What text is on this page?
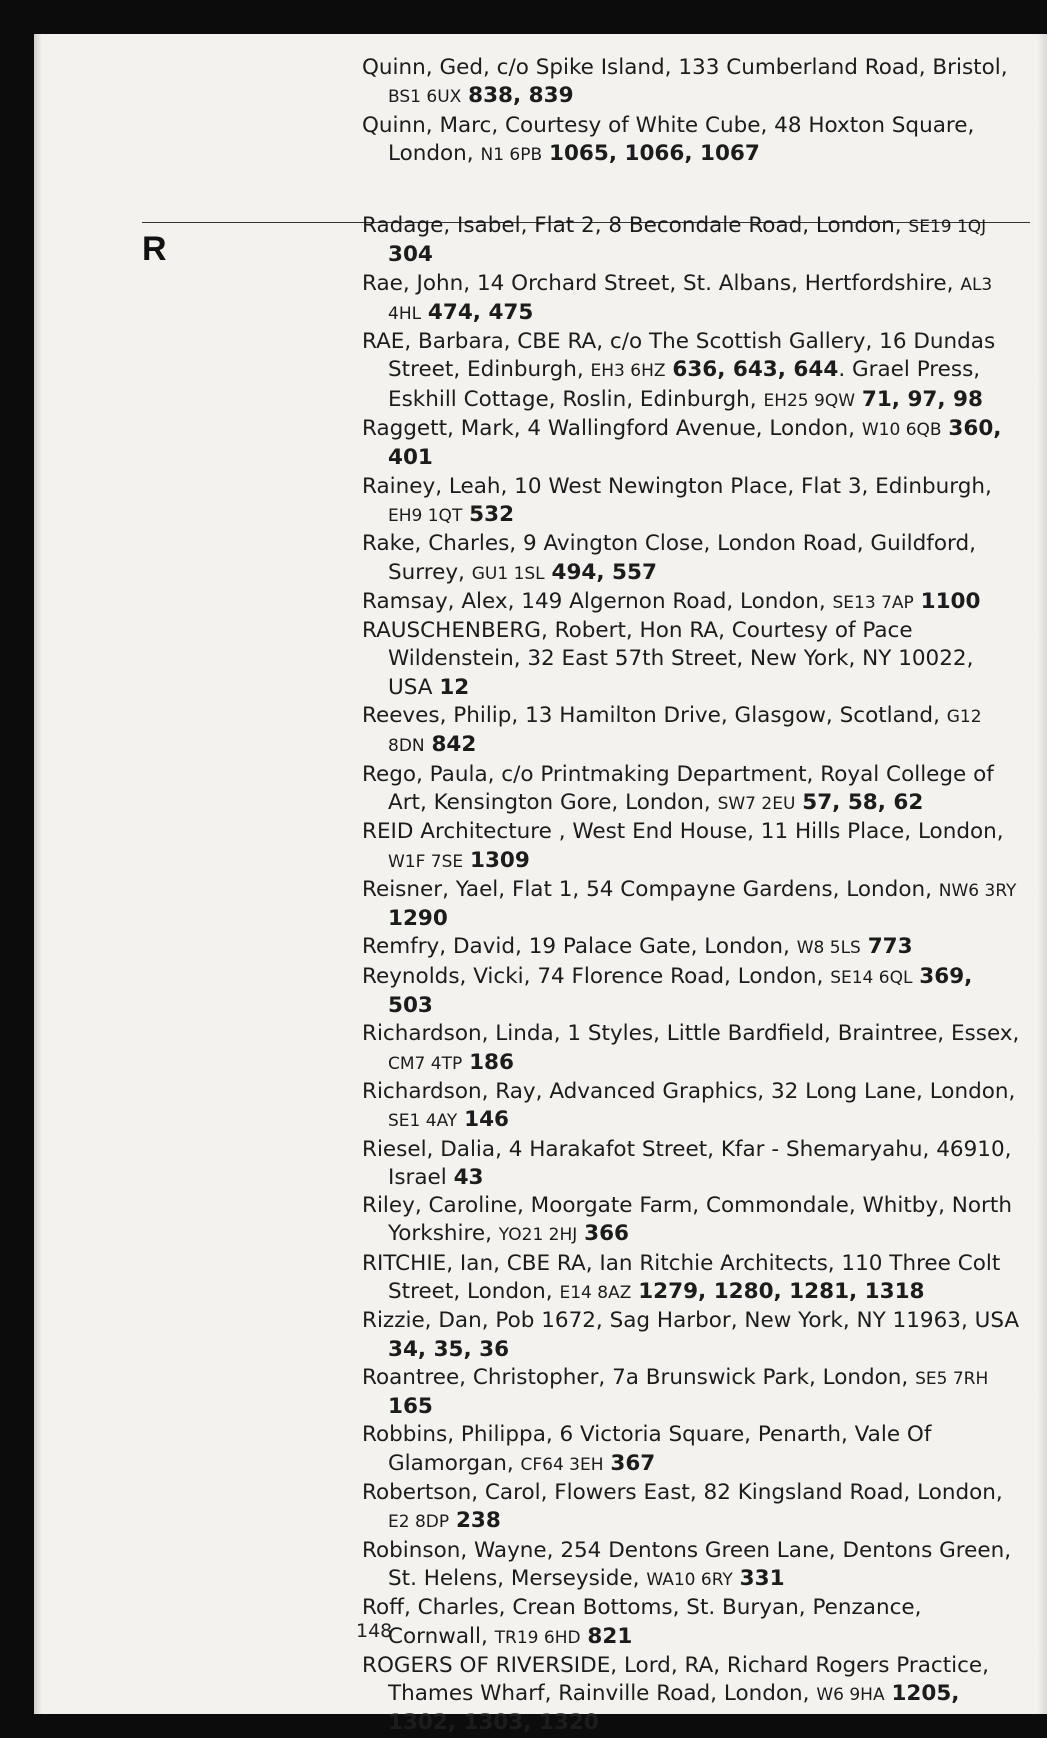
Quinn, Ged, c/o Spike Island, 133 Cumberland Road, Bristol, BS1 6UX 838, 839
Quinn, Marc, Courtesy of White Cube, 48 Hoxton Square, London, N1 6PB 1065, 1066, 1067
R
Radage, Isabel, Flat 2, 8 Becondale Road, London, SE19 1QJ 304
Rae, John, 14 Orchard Street, St. Albans, Hertfordshire, AL3 4HL 474, 475
RAE, Barbara, CBE RA, c/o The Scottish Gallery, 16 Dundas Street, Edinburgh, EH3 6HZ 636, 643, 644. Grael Press, Eskhill Cottage, Roslin, Edinburgh, EH25 9QW 71, 97, 98
Raggett, Mark, 4 Wallingford Avenue, London, W10 6QB 360, 401
Rainey, Leah, 10 West Newington Place, Flat 3, Edinburgh, EH9 1QT 532
Rake, Charles, 9 Avington Close, London Road, Guildford, Surrey, GU1 1SL 494, 557
Ramsay, Alex, 149 Algernon Road, London, SE13 7AP 1100
RAUSCHENBERG, Robert, Hon RA, Courtesy of Pace Wildenstein, 32 East 57th Street, New York, NY 10022, USA 12
Reeves, Philip, 13 Hamilton Drive, Glasgow, Scotland, G12 8DN 842
Rego, Paula, c/o Printmaking Department, Royal College of Art, Kensington Gore, London, SW7 2EU 57, 58, 62
REID Architecture , West End House, 11 Hills Place, London, W1F 7SE 1309
Reisner, Yael, Flat 1, 54 Compayne Gardens, London, NW6 3RY 1290
Remfry, David, 19 Palace Gate, London, W8 5LS 773
Reynolds, Vicki, 74 Florence Road, London, SE14 6QL 369, 503
Richardson, Linda, 1 Styles, Little Bardfield, Braintree, Essex, CM7 4TP 186
Richardson, Ray, Advanced Graphics, 32 Long Lane, London, SE1 4AY 146
Riesel, Dalia, 4 Harakafot Street, Kfar - Shemaryahu, 46910, Israel 43
Riley, Caroline, Moorgate Farm, Commondale, Whitby, North Yorkshire, YO21 2HJ 366
RITCHIE, Ian, CBE RA, Ian Ritchie Architects, 110 Three Colt Street, London, E14 8AZ 1279, 1280, 1281, 1318
Rizzie, Dan, Pob 1672, Sag Harbor, New York, NY 11963, USA 34, 35, 36
Roantree, Christopher, 7a Brunswick Park, London, SE5 7RH 165
Robbins, Philippa, 6 Victoria Square, Penarth, Vale Of Glamorgan, CF64 3EH 367
Robertson, Carol, Flowers East, 82 Kingsland Road, London, E2 8DP 238
Robinson, Wayne, 254 Dentons Green Lane, Dentons Green, St. Helens, Merseyside, WA10 6RY 331
Roff, Charles, Crean Bottoms, St. Buryan, Penzance, Cornwall, TR19 6HD 821
ROGERS OF RIVERSIDE, Lord, RA, Richard Rogers Practice, Thames Wharf, Rainville Road, London, W6 9HA 1205, 1302, 1303, 1320
148
